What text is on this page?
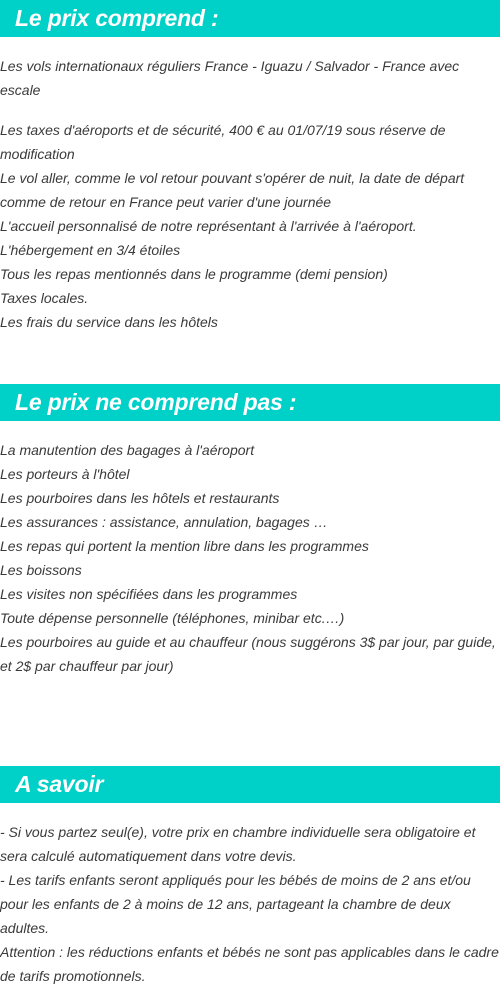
Le prix comprend :

Les vols internationaux réguliers France - Iguazu / Salvador - France avec escale

Les taxes d'aéroports et de sécurité, 400 € au 01/07/19 sous réserve de modification

Le vol aller, comme le vol retour pouvant s'opérer de nuit, la date de départ comme de retour en France peut varier d'une journée

L'accueil personnalisé de notre représentant à l'arrivée à l'aéroport.

L'hébergement en 3/4 étoiles

Tous les repas mentionnés dans le programme (demi pension)

Taxes locales.

Les frais du service dans les hôtels

Le prix ne comprend pas :

La manutention des bagages à l'aéroport

Les porteurs à l'hôtel

Les pourboires dans les hôtels et restaurants

Les assurances : assistance, annulation, bagages …

Les repas qui portent la mention libre dans les programmes

Les boissons

Les visites non spécifiées dans les programmes

Toute dépense personnelle (téléphones, minibar etc.…)

Les pourboires au guide et au chauffeur (nous suggérons 3$ par jour, par guide, et 2$ par chauffeur par jour)

A savoir

- Si vous partez seul(e), votre prix en chambre individuelle sera obligatoire et sera calculé automatiquement dans votre devis.

- Les tarifs enfants seront appliqués pour les bébés de moins de 2 ans et/ou pour les enfants de 2 à moins de 12 ans, partageant la chambre de deux adultes.

Attention : les réductions enfants et bébés ne sont pas applicables dans le cadre de tarifs promotionnels.
